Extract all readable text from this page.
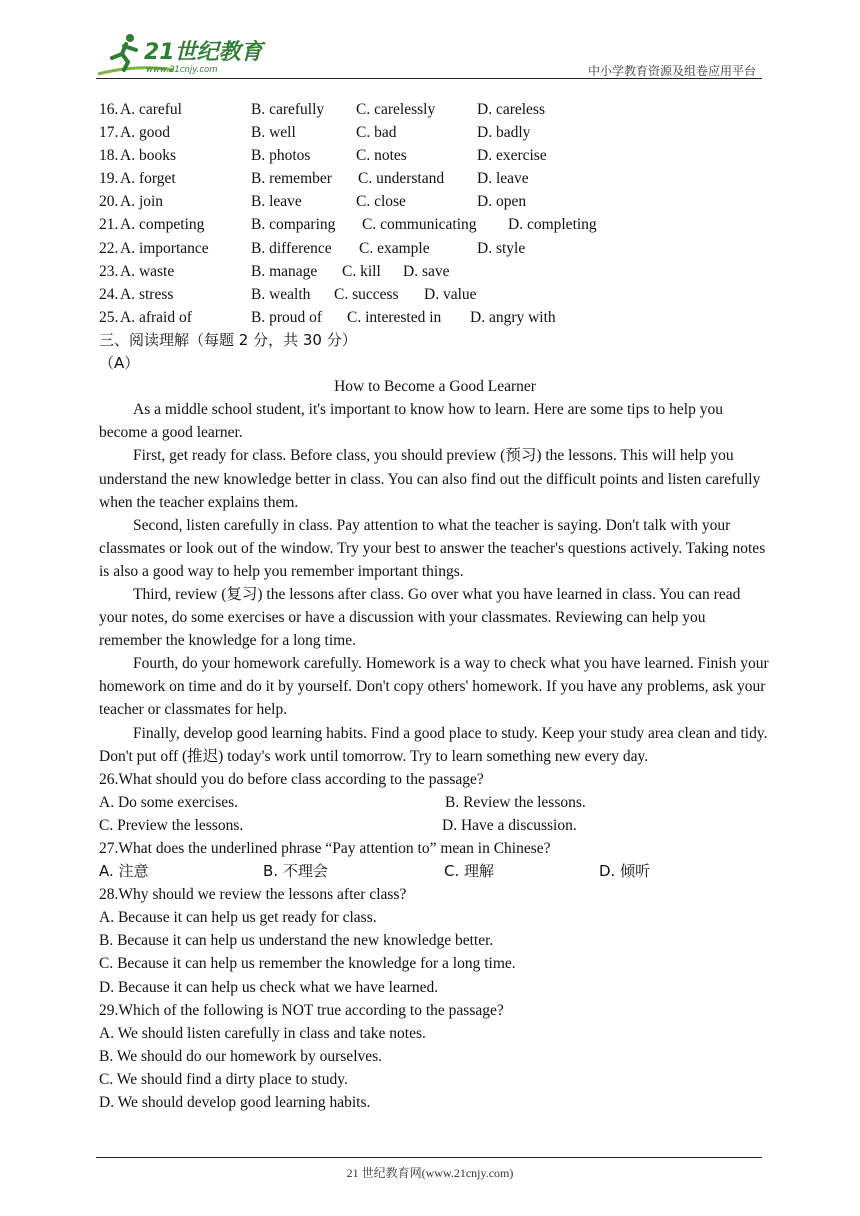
21世纪教育
www.21cnjy.com	中小学教育资源及组卷应用平台
16. A. careful	B. carefully C. carelessly	D. careless
17. A. good	B. well	C. bad	D. badly
18. A. books	B. photos	C. notes	D. exercise
19. A. forget	B. remember C. understand D. leave
20. A. join	B. leave	C. close	D. open
21. A. competing	B. comparing C. communicating D. completing
22. A. importance	B. difference C. example	D. style
23. A. waste	B. manage C. kill D. save
24. A. stress	B. wealth C. success D. value
25. A. afraid of	B. proud of C. interested in D. angry with
三、阅读理解（每题 2 分，共 30 分）
（A）
How to Become a Good Learner

As a middle school student, it's important to know how to learn. Here are some tips to help you become a good learner.

First, get ready for class. Before class, you should preview (预习) the lessons. This will help you understand the new knowledge better in class. You can also find out the difficult points and listen carefully when the teacher explains them.

Second, listen carefully in class. Pay attention to what the teacher is saying. Don't talk with your classmates or look out of the window. Try your best to answer the teacher's questions actively. Taking notes is also a good way to help you remember important things.

Third, review (复习) the lessons after class. Go over what you have learned in class. You can read your notes, do some exercises or have a discussion with your classmates. Reviewing can help you remember the knowledge for a long time.

Fourth, do your homework carefully. Homework is a way to check what you have learned. Finish your homework on time and do it by yourself. Don't copy others' homework. If you have any problems, ask your teacher or classmates for help.

Finally, develop good learning habits. Find a good place to study. Keep your study area clean and tidy. Don't put off (推迟) today's work until tomorrow. Try to learn something new every day.

26.What should you do before class according to the passage?
A. Do some exercises.	B. Review the lessons.
C. Preview the lessons.	D. Have a discussion.
27.What does the underlined phrase “Pay attention to” mean in Chinese?
A. 注意	B. 不理会	C. 理解	D. 倾听
28.Why should we review the lessons after class?
A. Because it can help us get ready for class.
B. Because it can help us understand the new knowledge better.
C. Because it can help us remember the knowledge for a long time.
D. Because it can help us check what we have learned.
29.Which of the following is NOT true according to the passage?
A. We should listen carefully in class and take notes.
B. We should do our homework by ourselves.
C. We should find a dirty place to study.
D. We should develop good learning habits.
21 世纪教育网(www.21cnjy.com)
